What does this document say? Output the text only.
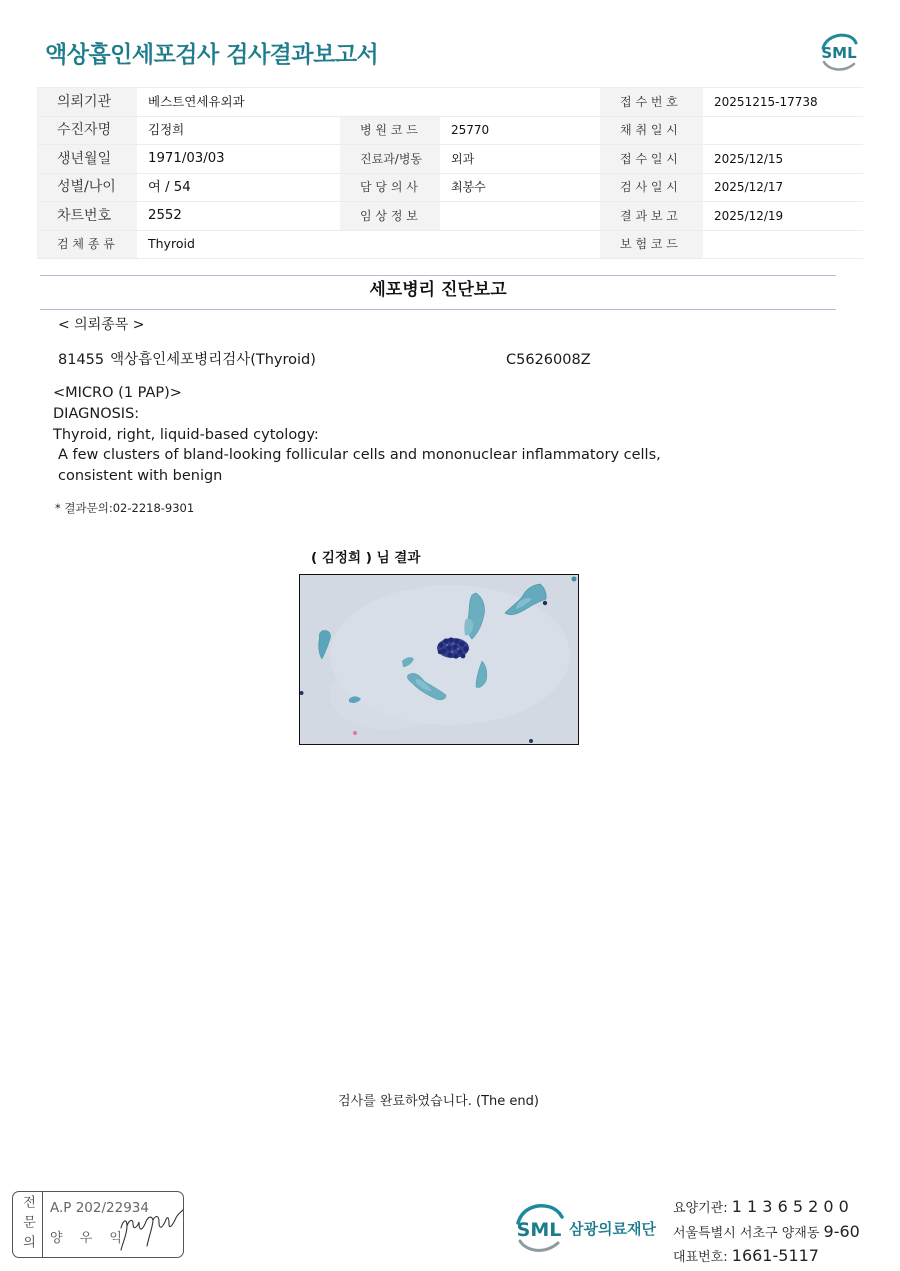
액상흡인세포검사 검사결과보고서	SML
의뢰기관	베스트연세유외과			접 수 번 호	20251215-17738
수진자명	김정희	병 원 코 드	25770	채 취 일 시	
생년월일	1971/03/03	진료과/병동	외과	접 수 일 시	2025/12/15
성별/나이	여 / 54	담 당 의 사	최봉수	검 사 일 시	2025/12/17
차트번호	2552	임 상 정 보		결 과 보 고	2025/12/19
검 체 종 류	Thyroid			보 험 코 드	
세포병리 진단보고
< 의뢰종목 >
81455 액상흡인세포병리검사(Thyroid)	C5626008Z
<MICRO (1 PAP)>
DIAGNOSIS:
Thyroid, right, liquid-based cytology:
A few clusters of bland-looking follicular cells and mononuclear inflammatory cells,
consistent with benign
* 결과문의:02-2218-9301
( 김정희 ) 님 결과
검사를 완료하였습니다. (The end)
전문의 A.P 202/22934
양 우 익	SML 삼광의료재단
요양기관: 1 1 3 6 5 2 0 0
서울특별시 서초구 양재동 9-60
대표번호: 1661-5117
